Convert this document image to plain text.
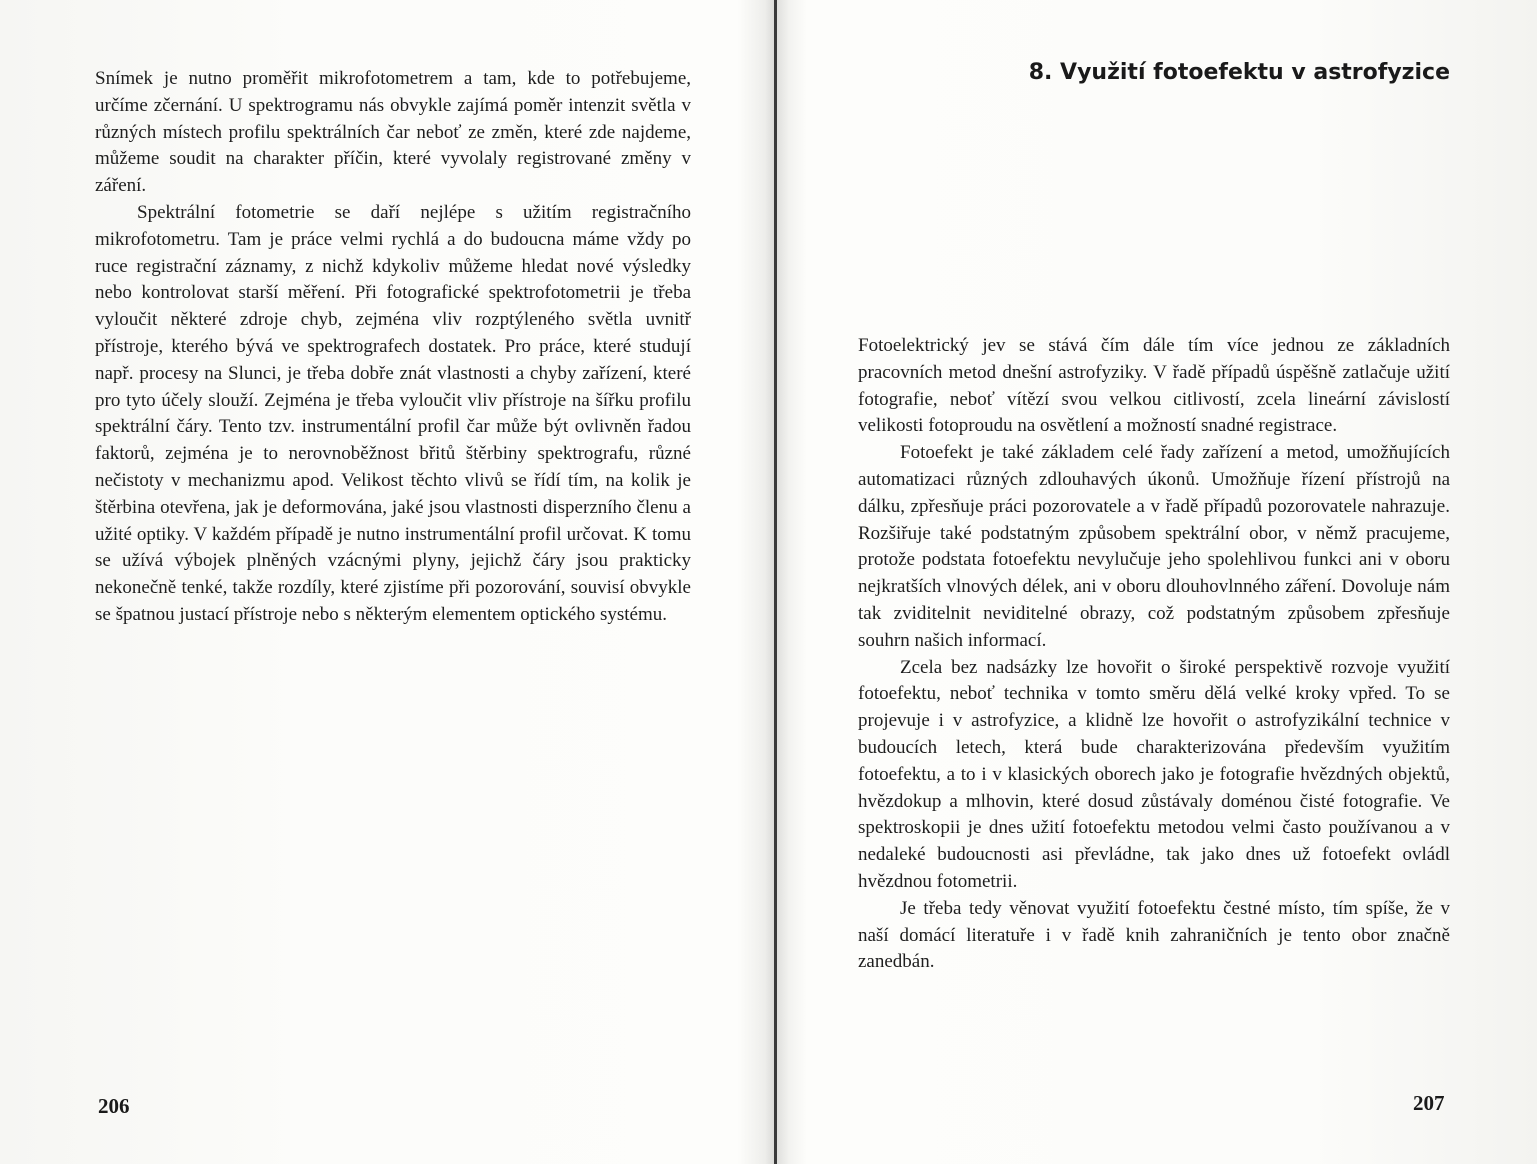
Snímek je nutno proměřit mikrofotometrem a tam, kde to potřebujeme, určíme zčernání. U spektrogramu nás obvykle zajímá poměr intenzit světla v různých místech profilu spektrálních čar neboť ze změn, které zde najdeme, můžeme soudit na charakter příčin, které vyvolaly registrované změny v záření.

Spektrální fotometrie se daří nejlépe s užitím registračního mikrofotometru. Tam je práce velmi rychlá a do budoucna máme vždy po ruce registrační záznamy, z nichž kdykoliv můžeme hledat nové výsledky nebo kontrolovat starší měření. Při fotografické spektrofotometrii je třeba vyloučit některé zdroje chyb, zejména vliv rozptýleného světla uvnitř přístroje, kterého bývá ve spektrografech dostatek. Pro práce, které studují např. procesy na Slunci, je třeba dobře znát vlastnosti a chyby zařízení, které pro tyto účely slouží. Zejména je třeba vyloučit vliv přístroje na šířku profilu spektrální čáry. Tento tzv. instrumentální profil čar může být ovlivněn řadou faktorů, zejména je to nerovnoběžnost břitů štěrbiny spektrografu, různé nečistoty v mechanizmu apod. Velikost těchto vlivů se řídí tím, na kolik je štěrbina otevřena, jak je deformována, jaké jsou vlastnosti disperzního členu a užité optiky. V každém případě je nutno instrumentální profil určovat. K tomu se užívá výbojek plněných vzácnými plyny, jejichž čáry jsou prakticky nekonečně tenké, takže rozdíly, které zjistíme při pozorování, souvisí obvykle se špatnou justací přístroje nebo s některým elementem optického systému.

206
8. Využití fotoefektu v astrofyzice

Fotoelektrický jev se stává čím dále tím více jednou ze základních pracovních metod dnešní astrofyziky. V řadě případů úspěšně zatlačuje užití fotografie, neboť vítězí svou velkou citlivostí, zcela lineární závislostí velikosti fotoproudu na osvětlení a možností snadné registrace.

Fotoefekt je také základem celé řady zařízení a metod, umožňujících automatizaci různých zdlouhavých úkonů. Umožňuje řízení přístrojů na dálku, zpřesňuje práci pozorovatele a v řadě případů pozorovatele nahrazuje. Rozšiřuje také podstatným způsobem spektrální obor, v němž pracujeme, protože podstata fotoefektu nevylučuje jeho spolehlivou funkci ani v oboru nejkratších vlnových délek, ani v oboru dlouhovlnného záření. Dovoluje nám tak zviditelnit neviditelné obrazy, což podstatným způsobem zpřesňuje souhrn našich informací.

Zcela bez nadsázky lze hovořit o široké perspektivě rozvoje využití fotoefektu, neboť technika v tomto směru dělá velké kroky vpřed. To se projevuje i v astrofyzice, a klidně lze hovořit o astrofyzikální technice v budoucích letech, která bude charakterizována především využitím fotoefektu, a to i v klasických oborech jako je fotografie hvězdných objektů, hvězdokup a mlhovin, které dosud zůstávaly doménou čisté fotografie. Ve spektroskopii je dnes užití fotoefektu metodou velmi často používanou a v nedaleké budoucnosti asi převládne, tak jako dnes už fotoefekt ovládl hvězdnou fotometrii.

Je třeba tedy věnovat využití fotoefektu čestné místo, tím spíše, že v naší domácí literatuře i v řadě knih zahraničních je tento obor značně zanedbán.

207
